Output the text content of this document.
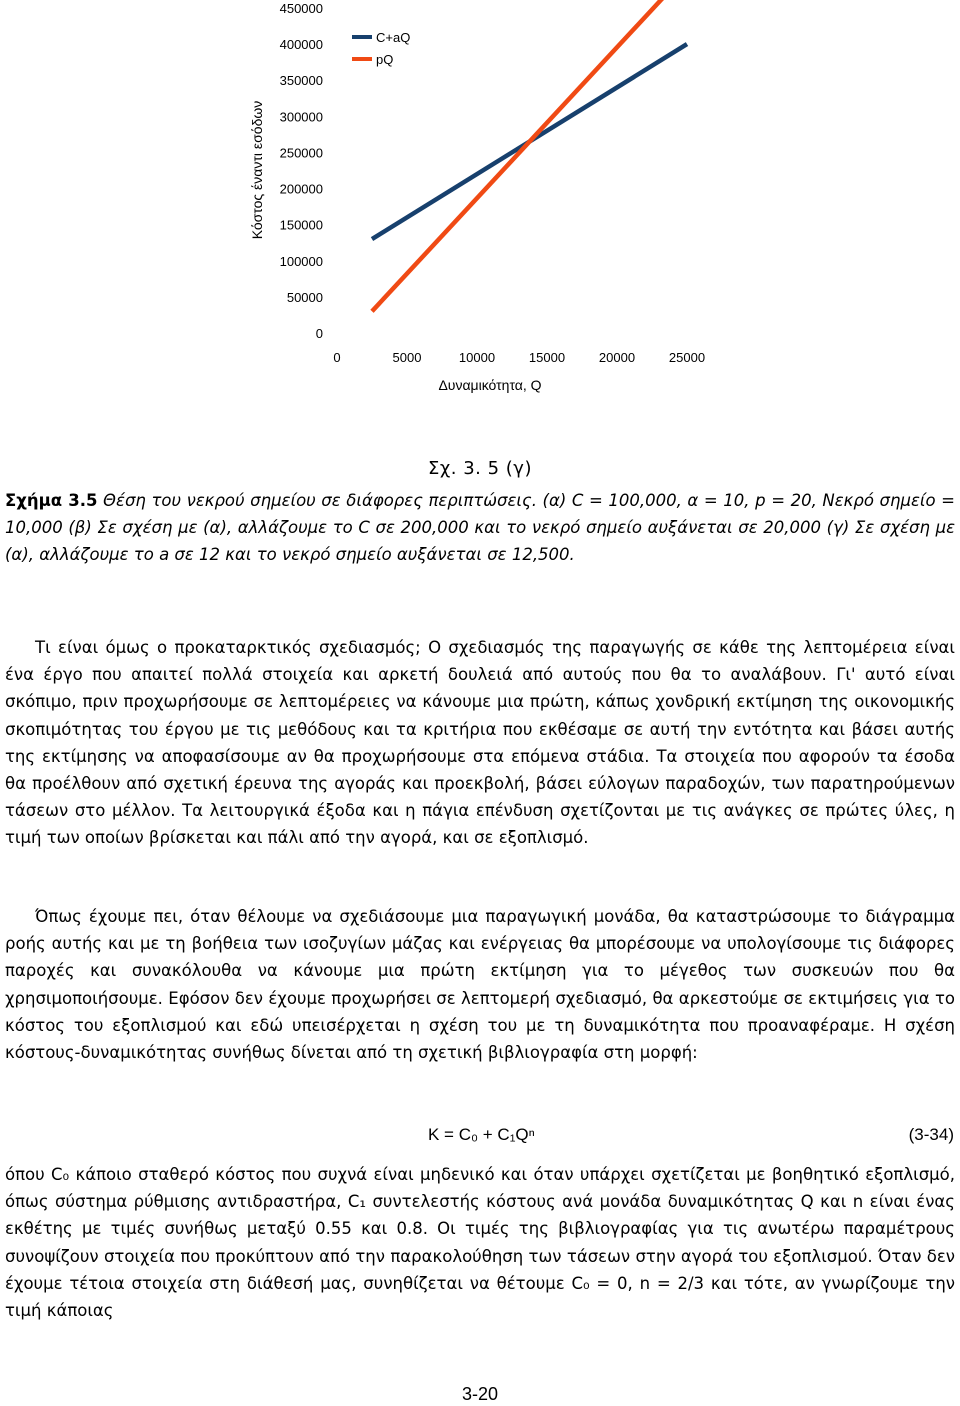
0
50000
100000
150000
200000
250000
300000
350000
400000
450000
0	5000	10000	15000	20000	25000
Κόστος έναντι εσόδων
Δυναμικότητα, Q
C+aQ
pQ
Σχ. 3. 5 (γ)
Σχήμα 3.5 Θέση του νεκρού σημείου σε διάφορες περιπτώσεις. (α) C = 100,000, α = 10, p = 20, Νεκρό σημείο = 10,000 (β) Σε σχέση με (α), αλλάζουμε το C σε 200,000 και το νεκρό σημείο αυξάνεται σε 20,000 (γ) Σε σχέση με (α), αλλάζουμε το a σε 12 και το νεκρό σημείο αυξάνεται σε 12,500.
Τι είναι όμως ο προκαταρκτικός σχεδιασμός; Ο σχεδιασμός της παραγωγής σε κάθε της λεπτομέρεια είναι ένα έργο που απαιτεί πολλά στοιχεία και αρκετή δουλειά από αυτούς που θα το αναλάβουν. Γι' αυτό είναι σκόπιμο, πριν προχωρήσουμε σε λεπτομέρειες να κάνουμε μια πρώτη, κάπως χονδρική εκτίμηση της οικονομικής σκοπιμότητας του έργου με τις μεθόδους και τα κριτήρια που εκθέσαμε σε αυτή την εντότητα και βάσει αυτής της εκτίμησης να αποφασίσουμε αν θα προχωρήσουμε στα επόμενα στάδια. Τα στοιχεία που αφορούν τα έσοδα θα προέλθουν από σχετική έρευνα της αγοράς και προεκβολή, βάσει εύλογων παραδοχών, των παρατηρούμενων τάσεων στο μέλλον. Τα λειτουργικά έξοδα και η πάγια επένδυση σχετίζονται με τις ανάγκες σε πρώτες ύλες, η τιμή των οποίων βρίσκεται και πάλι από την αγορά, και σε εξοπλισμό.
Όπως έχουμε πει, όταν θέλουμε να σχεδιάσουμε μια παραγωγική μονάδα, θα καταστρώσουμε το διάγραμμα ροής αυτής και με τη βοήθεια των ισοζυγίων μάζας και ενέργειας θα μπορέσουμε να υπολογίσουμε τις διάφορες παροχές και συνακόλουθα να κάνουμε μια πρώτη εκτίμηση για το μέγεθος των συσκευών που θα χρησιμοποιήσουμε. Εφόσον δεν έχουμε προχωρήσει σε λεπτομερή σχεδιασμό, θα αρκεστούμε σε εκτιμήσεις για το κόστος του εξοπλισμού και εδώ υπεισέρχεται η σχέση του με τη δυναμικότητα που προαναφέραμε. Η σχέση κόστους-δυναμικότητας συνήθως δίνεται από τη σχετική βιβλιογραφία στη μορφή:
K = C₀ + C₁Qⁿ	(3-34)
όπου C₀ κάποιο σταθερό κόστος που συχνά είναι μηδενικό και όταν υπάρχει σχετίζεται με βοηθητικό εξοπλισμό, όπως σύστημα ρύθμισης αντιδραστήρα, C₁ συντελεστής κόστους ανά μονάδα δυναμικότητας Q και n είναι ένας εκθέτης με τιμές συνήθως μεταξύ 0.55 και 0.8. Οι τιμές της βιβλιογραφίας για τις ανωτέρω παραμέτρους συνοψίζουν στοιχεία που προκύπτουν από την παρακολούθηση των τάσεων στην αγορά του εξοπλισμού. Όταν δεν έχουμε τέτοια στοιχεία στη διάθεσή μας, συνηθίζεται να θέτουμε C₀ = 0, n = 2/3 και τότε, αν γνωρίζουμε την τιμή κάποιας
3-20
